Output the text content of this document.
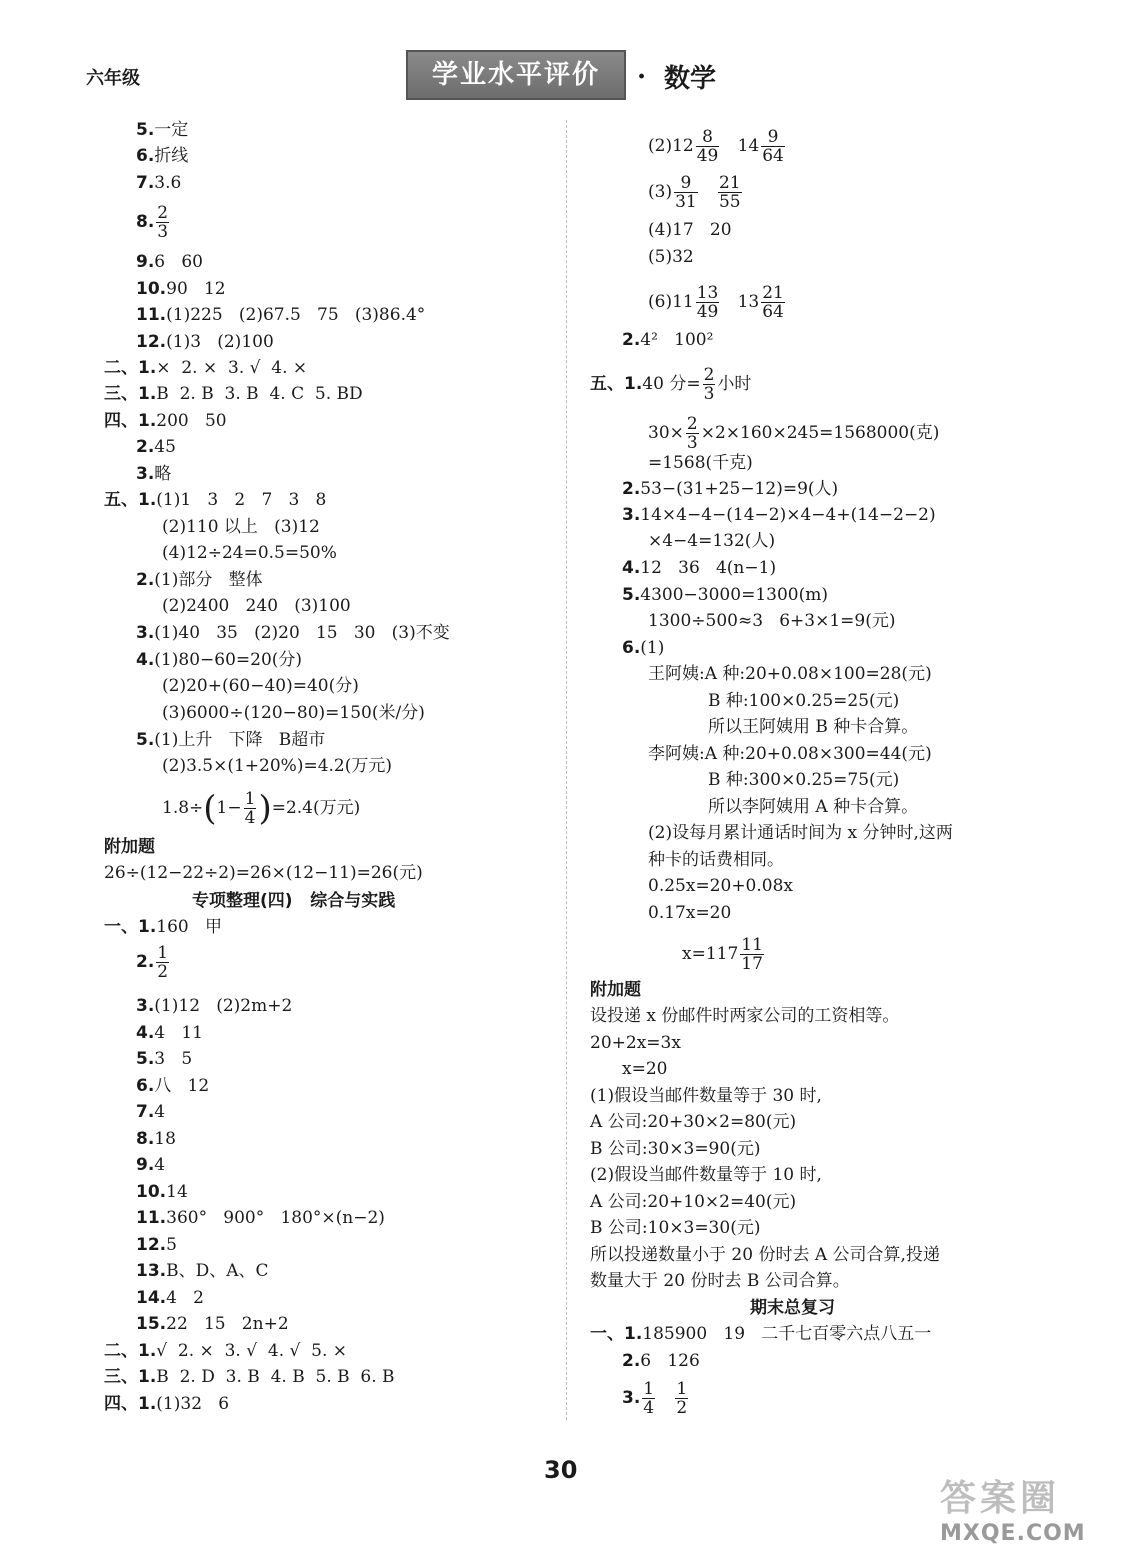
六年级	学业水平评价	· 数学
5.一定
6.折线
7.3.6
8. $\frac{2}{3}$
9.6   60
10.90   12
11.(1)225   (2)67.5   75   (3)86.4°
12.(1)3   (2)100
二、1.×  2. ×  3. √  4. ×
三、1.B  2. B  3. B  4. C  5. BD
四、1.200   50
2.45
3.略
五、1.(1)1   3   2   7   3   8
(2)110 以上   (3)12
(4)12÷24=0.5=50%
2.(1)部分   整体
(2)2400   240   (3)100
3.(1)40   35   (2)20   15   30   (3)不变
4.(1)80−60=20(分)
(2)20+(60−40)=40(分)
(3)6000÷(120−80)=150(米/分)
5.(1)上升   下降   B超市
(2)3.5×(1+20%)=4.2(万元)
$1.8\div(1- \frac{1}{4} )=2.4$(万元)
附加题
26÷(12−22÷2)=26×(12−11)=26(元)
专项整理(四)   综合与实践
一、1.160   甲
2. $\frac{1}{2}$
3.(1)12   (2)2m+2
4.4   11
5.3   5
6.八   12
7.4
8.18
9.4
10.14
11.360°   900°   180°×(n−2)
12.5
13.B、D、A、C
14.4   2
15.22   15   2n+2
二、1.√  2. ×  3. √  4. √  5. ×
三、1.B  2. D  3. B  4. B  5. B  6. B
四、1.(1)32   6
$(2)12 \frac{8}{49} 14 \frac{9}{64}$
$(3) \frac{9}{31}$
$\frac{21}{55}$
(4)17   20
(5)32
$(6)11 \frac{13}{49} 13 \frac{21}{64}$
2.4²   100²
五、1.40 分= $\frac{2}{3}$ 小时
$30\times \frac{2}{3} \times 2\times 160\times 245=1568000$(克)
=1568(千克)
2.53−(31+25−12)=9(人)
3.14×4−4−(14−2)×4−4+(14−2−2)
×4−4=132(人)
4.12   36   4(n−1)
5.4300−3000=1300(m)
1300÷500≈3   6+3×1=9(元)
6.(1)
王阿姨:A 种:20+0.08×100=28(元)
B 种:100×0.25=25(元)
所以王阿姨用 B 种卡合算。
李阿姨:A 种:20+0.08×300=44(元)
B 种:300×0.25=75(元)
所以李阿姨用 A 种卡合算。
(2)设每月累计通话时间为 x 分钟时,这两
种卡的话费相同。
0.25x=20+0.08x
0.17x=20
$x=117 \frac{11}{17}$
附加题
设投递 x 份邮件时两家公司的工资相等。
20+2x=3x
x=20
(1)假设当邮件数量等于 30 时,
A 公司:20+30×2=80(元)
B 公司:30×3=90(元)
(2)假设当邮件数量等于 10 时,
A 公司:20+10×2=40(元)
B 公司:10×3=30(元)
所以投递数量小于 20 份时去 A 公司合算,投递
数量大于 20 份时去 B 公司合算。
期末总复习
一、1.185900   19   二千七百零六点八五一
2.6   126
3. $\frac{1}{4}$
$\frac{1}{2}$
30
答案圈
MXQE.COM
